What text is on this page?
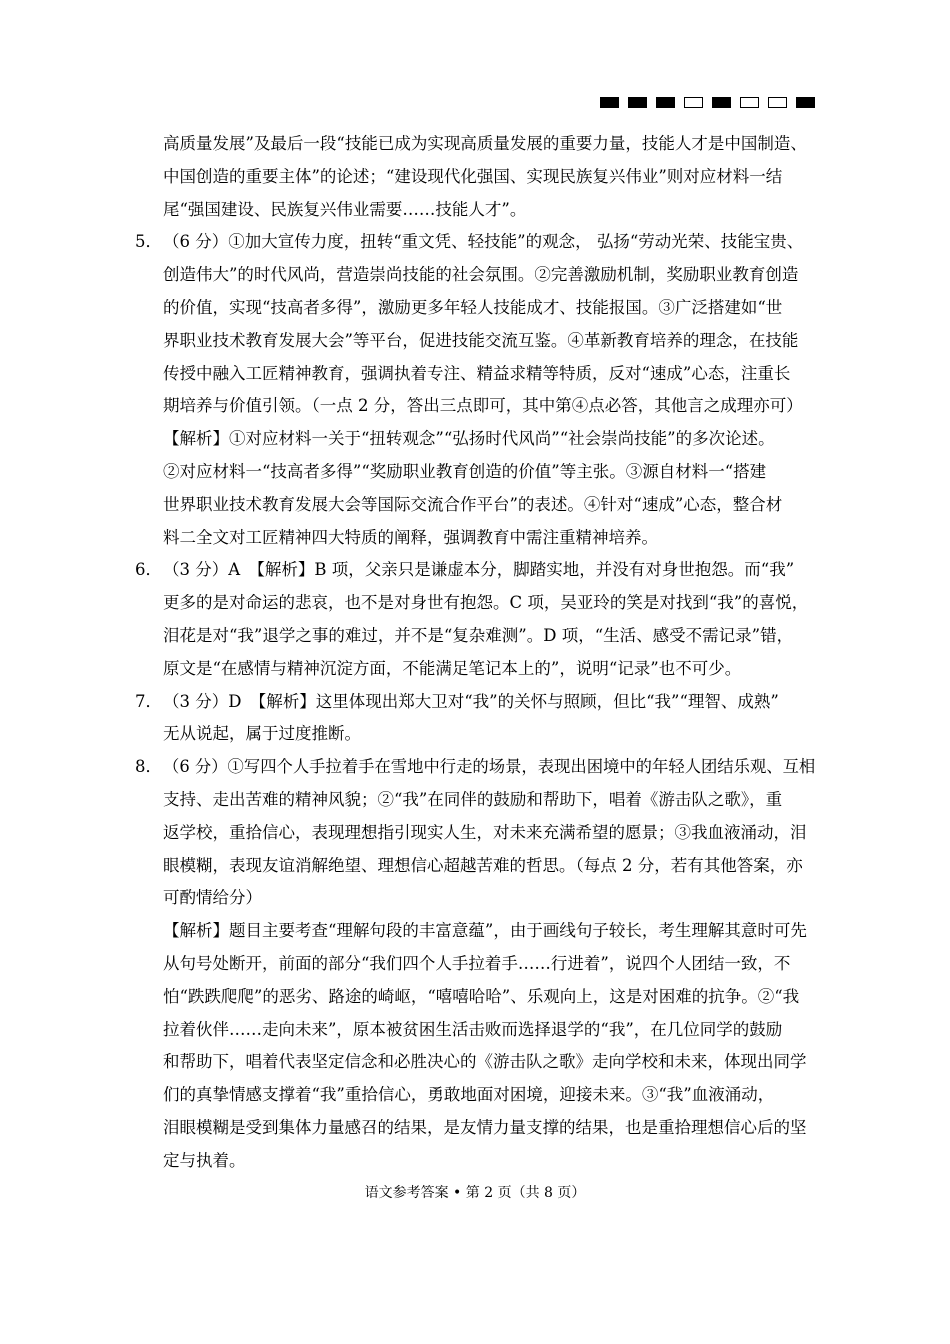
高质量发展”及最后一段“技能已成为实现高质量发展的重要力量，技能人才是中国制造、
中国创造的重要主体”的论述；“建设现代化强国、实现民族复兴伟业”则对应材料一结
尾“强国建设、民族复兴伟业需要……技能人才”。
5． （6 分）①加大宣传力度，扭转“重文凭、轻技能”的观念， 弘扬“劳动光荣、技能宝贵、
创造伟大”的时代风尚，营造崇尚技能的社会氛围。②完善激励机制，奖励职业教育创造
的价值，实现“技高者多得”，激励更多年轻人技能成才、技能报国。③广泛搭建如“世
界职业技术教育发展大会”等平台，促进技能交流互鉴。④革新教育培养的理念，在技能
传授中融入工匠精神教育，强调执着专注、精益求精等特质，反对“速成”心态，注重长
期培养与价值引领。（一点 2 分，答出三点即可，其中第④点必答，其他言之成理亦可）
【解析】①对应材料一关于“扭转观念”“弘扬时代风尚”“社会崇尚技能”的多次论述。
②对应材料一“技高者多得”“奖励职业教育创造的价值”等主张。③源自材料一“搭建
世界职业技术教育发展大会等国际交流合作平台”的表述。④针对“速成”心态，整合材
料二全文对工匠精神四大特质的阐释，强调教育中需注重精神培养。
6． （3 分）A　【解析】B 项，父亲只是谦虚本分，脚踏实地，并没有对身世抱怨。而“我”
更多的是对命运的悲哀，也不是对身世有抱怨。C 项，吴亚玲的笑是对找到“我”的喜悦，
泪花是对“我”退学之事的难过，并不是“复杂难测”。D 项，“生活、感受不需记录”错，
原文是“在感情与精神沉淀方面，不能满足笔记本上的”，说明“记录”也不可少。
7． （3 分）D　【解析】这里体现出郑大卫对“我”的关怀与照顾，但比“我”“理智、成熟”
无从说起，属于过度推断。
8． （6 分）①写四个人手拉着手在雪地中行走的场景，表现出困境中的年轻人团结乐观、互相
支持、走出苦难的精神风貌；②“我”在同伴的鼓励和帮助下，唱着《游击队之歌》，重
返学校，重拾信心，表现理想指引现实人生，对未来充满希望的愿景；③我血液涌动，泪
眼模糊，表现友谊消解绝望、理想信心超越苦难的哲思。（每点 2 分，若有其他答案，亦
可酌情给分）
【解析】题目主要考查“理解句段的丰富意蕴”，由于画线句子较长，考生理解其意时可先
从句号处断开，前面的部分“我们四个人手拉着手……行进着”，说四个人团结一致，不
怕“跌跌爬爬”的恶劣、路途的崎岖，“嘻嘻哈哈”、乐观向上，这是对困难的抗争。②“我
拉着伙伴……走向未来”，原本被贫困生活击败而选择退学的“我”，在几位同学的鼓励
和帮助下，唱着代表坚定信念和必胜决心的《游击队之歌》走向学校和未来，体现出同学
们的真挚情感支撑着“我”重拾信心，勇敢地面对困境，迎接未来。③“我”血液涌动，
泪眼模糊是受到集体力量感召的结果，是友情力量支撑的结果，也是重拾理想信心后的坚
定与执着。
语文参考答案 • 第 2 页（共 8 页）
